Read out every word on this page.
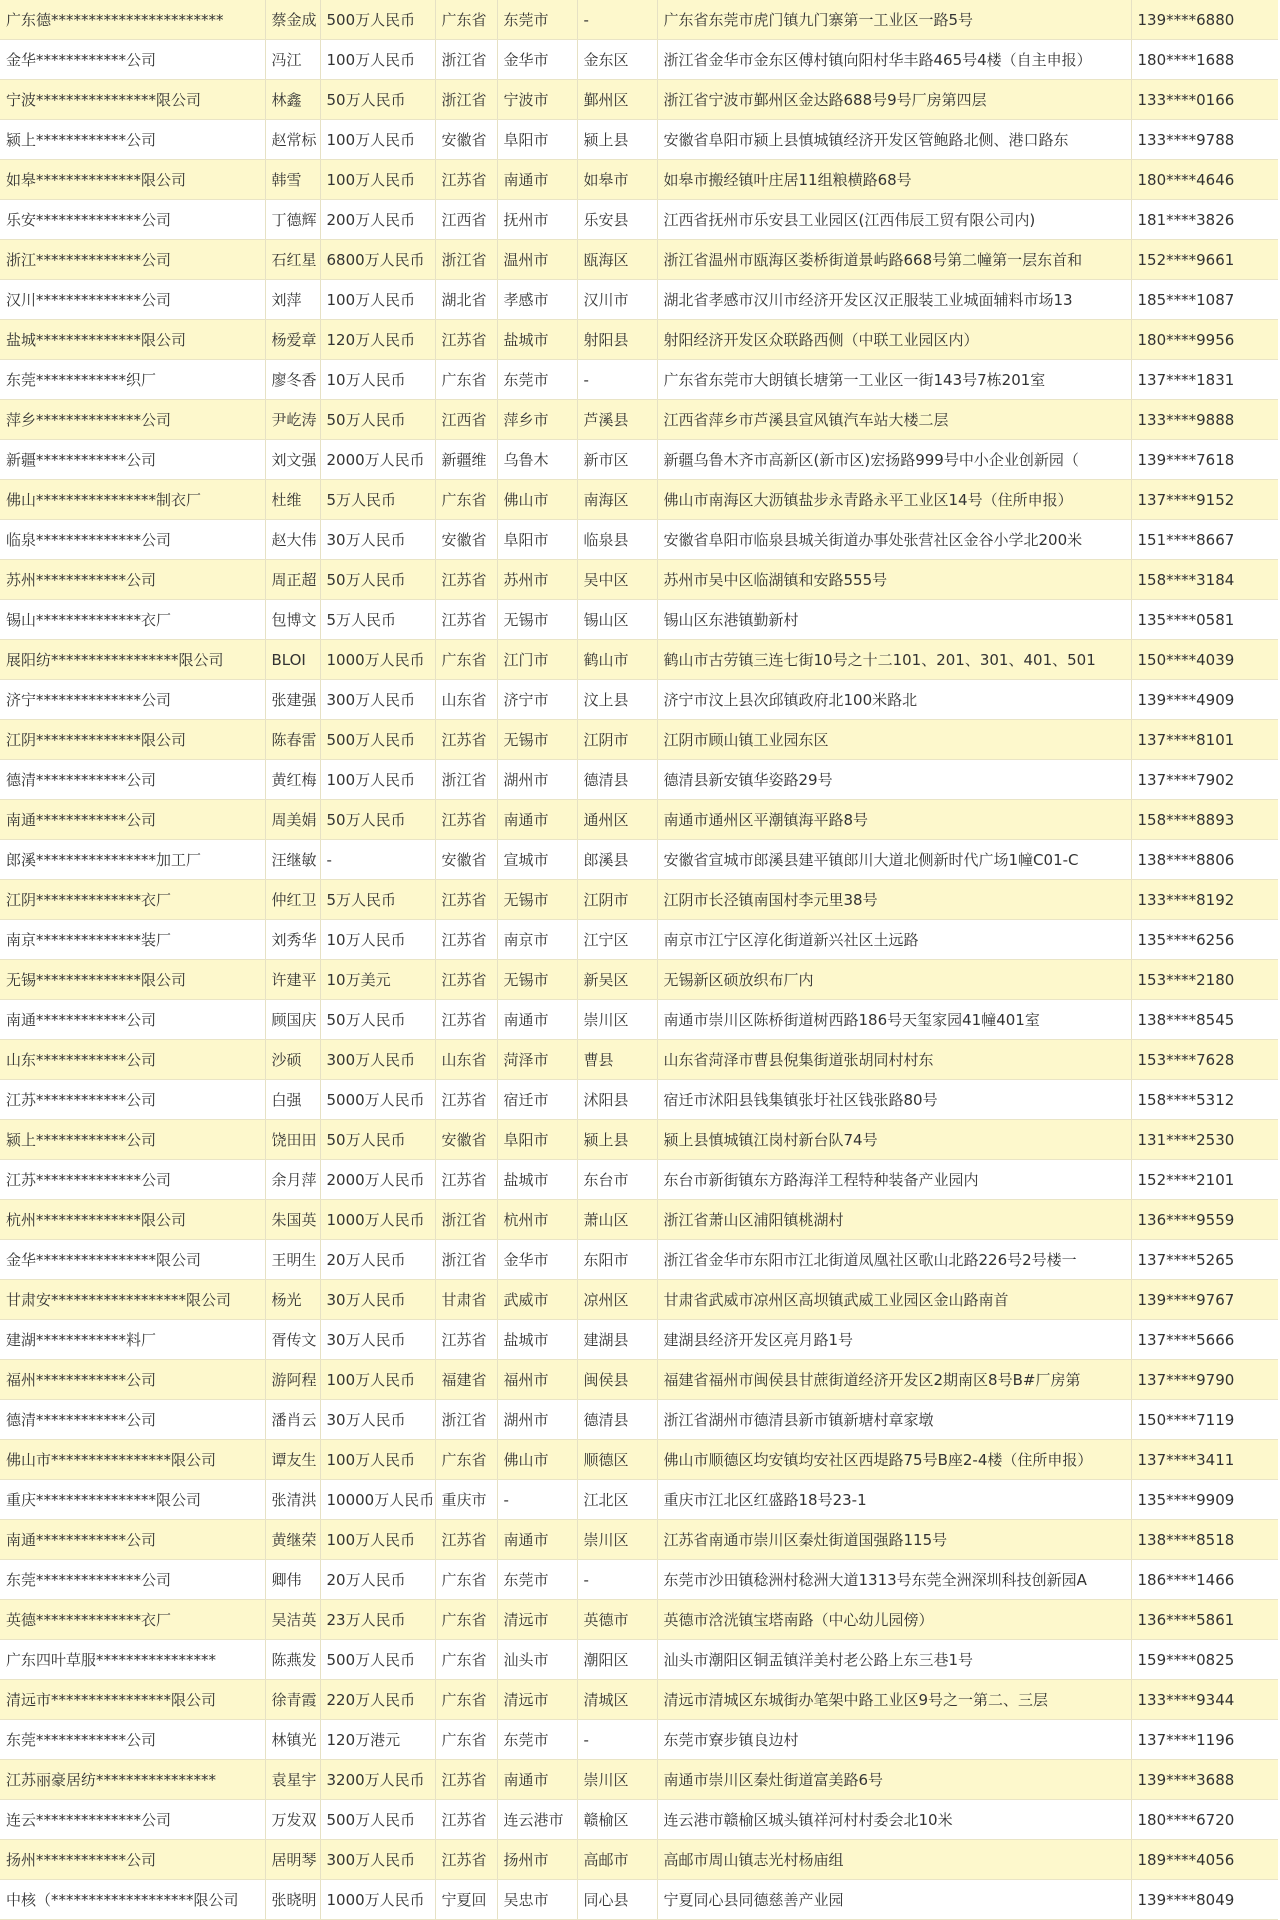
广东德***********************	蔡金成	500万人民币	广东省	东莞市	-	广东省东莞市虎门镇九门寨第一工业区一路5号	139****6880
金华************公司	冯江	100万人民币	浙江省	金华市	金东区	浙江省金华市金东区傅村镇向阳村华丰路465号4楼（自主申报）	180****1688
宁波****************限公司	林鑫	50万人民币	浙江省	宁波市	鄞州区	浙江省宁波市鄞州区金达路688号9号厂房第四层	133****0166
颍上************公司	赵常标	100万人民币	安徽省	阜阳市	颍上县	安徽省阜阳市颍上县慎城镇经济开发区管鲍路北侧、港口路东	133****9788
如皋**************限公司	韩雪	100万人民币	江苏省	南通市	如皋市	如皋市搬经镇叶庄居11组粮横路68号	180****4646
乐安**************公司	丁德辉	200万人民币	江西省	抚州市	乐安县	江西省抚州市乐安县工业园区(江西伟辰工贸有限公司内)	181****3826
浙江**************公司	石红星	6800万人民币	浙江省	温州市	瓯海区	浙江省温州市瓯海区娄桥街道景屿路668号第二幢第一层东首和	152****9661
汉川**************公司	刘萍	100万人民币	湖北省	孝感市	汉川市	湖北省孝感市汉川市经济开发区汉正服装工业城面辅料市场13	185****1087
盐城**************限公司	杨爱章	120万人民币	江苏省	盐城市	射阳县	射阳经济开发区众联路西侧（中联工业园区内）	180****9956
东莞************织厂	廖冬香	10万人民币	广东省	东莞市	-	广东省东莞市大朗镇长塘第一工业区一街143号7栋201室	137****1831
萍乡**************公司	尹屹涛	50万人民币	江西省	萍乡市	芦溪县	江西省萍乡市芦溪县宣风镇汽车站大楼二层	133****9888
新疆************公司	刘文强	2000万人民币	新疆维	乌鲁木	新市区	新疆乌鲁木齐市高新区(新市区)宏扬路999号中小企业创新园（	139****7618
佛山****************制衣厂	杜维	5万人民币	广东省	佛山市	南海区	佛山市南海区大沥镇盐步永青路永平工业区14号（住所申报）	137****9152
临泉**************公司	赵大伟	30万人民币	安徽省	阜阳市	临泉县	安徽省阜阳市临泉县城关街道办事处张营社区金谷小学北200米	151****8667
苏州************公司	周正超	50万人民币	江苏省	苏州市	吴中区	苏州市吴中区临湖镇和安路555号	158****3184
锡山**************衣厂	包博文	5万人民币	江苏省	无锡市	锡山区	锡山区东港镇勤新村	135****0581
展阳纺*****************限公司	BLOI	1000万人民币	广东省	江门市	鹤山市	鹤山市古劳镇三连七街10号之十二101、201、301、401、501	150****4039
济宁**************公司	张建强	300万人民币	山东省	济宁市	汶上县	济宁市汶上县次邱镇政府北100米路北	139****4909
江阴**************限公司	陈春雷	500万人民币	江苏省	无锡市	江阴市	江阴市顾山镇工业园东区	137****8101
德清************公司	黄红梅	100万人民币	浙江省	湖州市	德清县	德清县新安镇华姿路29号	137****7902
南通************公司	周美娟	50万人民币	江苏省	南通市	通州区	南通市通州区平潮镇海平路8号	158****8893
郎溪****************加工厂	汪继敏	-	安徽省	宣城市	郎溪县	安徽省宣城市郎溪县建平镇郎川大道北侧新时代广场1幢C01-C	138****8806
江阴**************衣厂	仲红卫	5万人民币	江苏省	无锡市	江阴市	江阴市长泾镇南国村李元里38号	133****8192
南京**************装厂	刘秀华	10万人民币	江苏省	南京市	江宁区	南京市江宁区淳化街道新兴社区土远路	135****6256
无锡**************限公司	许建平	10万美元	江苏省	无锡市	新吴区	无锡新区硕放织布厂内	153****2180
南通************公司	顾国庆	50万人民币	江苏省	南通市	崇川区	南通市崇川区陈桥街道树西路186号天玺家园41幢401室	138****8545
山东************公司	沙硕	300万人民币	山东省	菏泽市	曹县	山东省菏泽市曹县倪集街道张胡同村村东	153****7628
江苏************公司	白强	5000万人民币	江苏省	宿迁市	沭阳县	宿迁市沭阳县钱集镇张圩社区钱张路80号	158****5312
颍上************公司	饶田田	50万人民币	安徽省	阜阳市	颍上县	颍上县慎城镇江岗村新台队74号	131****2530
江苏**************公司	余月萍	2000万人民币	江苏省	盐城市	东台市	东台市新街镇东方路海洋工程特种装备产业园内	152****2101
杭州**************限公司	朱国英	1000万人民币	浙江省	杭州市	萧山区	浙江省萧山区浦阳镇桃湖村	136****9559
金华****************限公司	王明生	20万人民币	浙江省	金华市	东阳市	浙江省金华市东阳市江北街道凤凰社区歌山北路226号2号楼一	137****5265
甘肃安******************限公司	杨光	30万人民币	甘肃省	武威市	凉州区	甘肃省武威市凉州区高坝镇武威工业园区金山路南首	139****9767
建湖************料厂	胥传文	30万人民币	江苏省	盐城市	建湖县	建湖县经济开发区亮月路1号	137****5666
福州************公司	游阿程	100万人民币	福建省	福州市	闽侯县	福建省福州市闽侯县甘蔗街道经济开发区2期南区8号B#厂房第	137****9790
德清************公司	潘肖云	30万人民币	浙江省	湖州市	德清县	浙江省湖州市德清县新市镇新塘村章家墩	150****7119
佛山市****************限公司	谭友生	100万人民币	广东省	佛山市	顺德区	佛山市顺德区均安镇均安社区西堤路75号B座2-4楼（住所申报）	137****3411
重庆****************限公司	张清洪	10000万人民币	重庆市	-	江北区	重庆市江北区红盛路18号23-1	135****9909
南通************公司	黄继荣	100万人民币	江苏省	南通市	崇川区	江苏省南通市崇川区秦灶街道国强路115号	138****8518
东莞**************公司	卿伟	20万人民币	广东省	东莞市	-	东莞市沙田镇稔洲村稔洲大道1313号东莞全洲深圳科技创新园A	186****1466
英德**************衣厂	吴洁英	23万人民币	广东省	清远市	英德市	英德市浛洸镇宝塔南路（中心幼儿园傍）	136****5861
广东四叶草服****************	陈燕发	500万人民币	广东省	汕头市	潮阳区	汕头市潮阳区铜盂镇洋美村老公路上东三巷1号	159****0825
清远市****************限公司	徐青霞	220万人民币	广东省	清远市	清城区	清远市清城区东城街办笔架中路工业区9号之一第二、三层	133****9344
东莞************公司	林镇光	120万港元	广东省	东莞市	-	东莞市寮步镇良边村	137****1196
江苏丽豪居纺****************	袁星宇	3200万人民币	江苏省	南通市	崇川区	南通市崇川区秦灶街道富美路6号	139****3688
连云**************公司	万发双	500万人民币	江苏省	连云港市	赣榆区	连云港市赣榆区城头镇祥河村村委会北10米	180****6720
扬州************公司	居明琴	300万人民币	江苏省	扬州市	高邮市	高邮市周山镇志光村杨庙组	189****4056
中核（*******************限公司	张晓明	1000万人民币	宁夏回	吴忠市	同心县	宁夏同心县同德慈善产业园	139****8049
